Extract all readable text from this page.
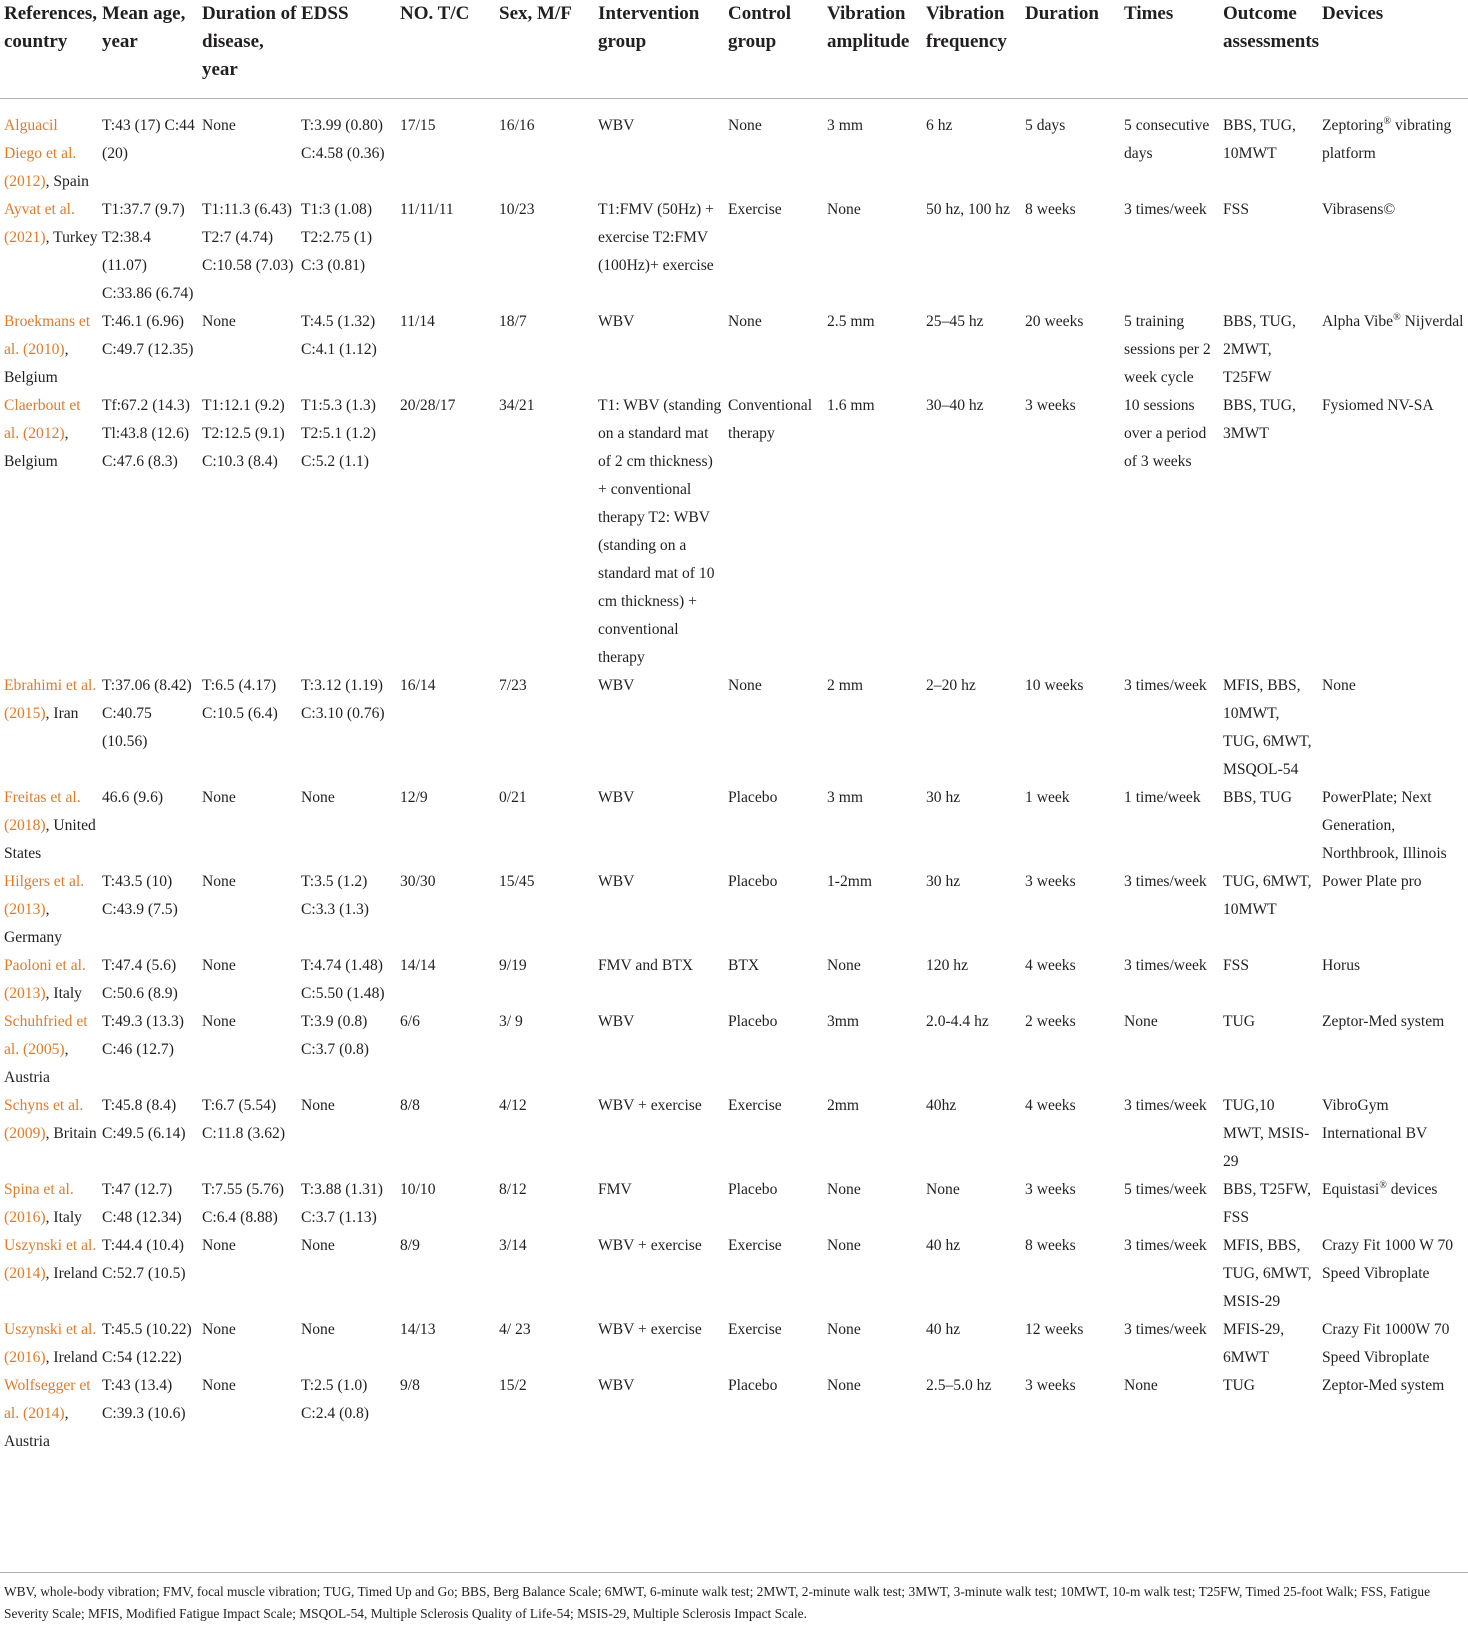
References, country	Mean age, year	Duration of disease, year	EDSS	NO. T/C	Sex, M/F	Intervention group	Control group	Vibration amplitude	Vibration frequency	Duration	Times	Outcome assessments	Devices
Alguacil Diego et al. (2012), Spain	T:43 (17) C:44 (20)	None	T:3.99 (0.80) C:4.58 (0.36)	17/15	16/16	WBV	None	3 mm	6 hz	5 days	5 consecutive days	BBS, TUG, 10MWT	Zeptoring® vibrating platform
Ayvat et al. (2021), Turkey	T1:37.7 (9.7) T2:38.4 (11.07) C:33.86 (6.74)	T1:11.3 (6.43) T2:7 (4.74) C:10.58 (7.03)	T1:3 (1.08) T2:2.75 (1) C:3 (0.81)	11/11/11	10/23	T1:FMV (50Hz) + exercise T2:FMV (100Hz)+ exercise	Exercise	None	50 hz, 100 hz	8 weeks	3 times/week	FSS	Vibrasens©
Broekmans et al. (2010), Belgium	T:46.1 (6.96) C:49.7 (12.35)	None	T:4.5 (1.32) C:4.1 (1.12)	11/14	18/7	WBV	None	2.5 mm	25–45 hz	20 weeks	5 training sessions per 2 week cycle	BBS, TUG, 2MWT, T25FW	Alpha Vibe® Nijverdal
Claerbout et al. (2012), Belgium	Tf:67.2 (14.3) Tl:43.8 (12.6) C:47.6 (8.3)	T1:12.1 (9.2) T2:12.5 (9.1) C:10.3 (8.4)	T1:5.3 (1.3) T2:5.1 (1.2) C:5.2 (1.1)	20/28/17	34/21	T1: WBV (standing on a standard mat of 2 cm thickness) + conventional therapy T2: WBV (standing on a standard mat of 10 cm thickness) + conventional therapy	Conventional therapy	1.6 mm	30–40 hz	3 weeks	10 sessions over a period of 3 weeks	BBS, TUG, 3MWT	Fysiomed NV-SA
Ebrahimi et al. (2015), Iran	T:37.06 (8.42) C:40.75 (10.56)	T:6.5 (4.17) C:10.5 (6.4)	T:3.12 (1.19) C:3.10 (0.76)	16/14	7/23	WBV	None	2 mm	2–20 hz	10 weeks	3 times/week	MFIS, BBS, 10MWT, TUG, 6MWT, MSQOL-54	None
Freitas et al. (2018), United States	46.6 (9.6)	None	None	12/9	0/21	WBV	Placebo	3 mm	30 hz	1 week	1 time/week	BBS, TUG	PowerPlate; Next Generation, Northbrook, Illinois
Hilgers et al. (2013), Germany	T:43.5 (10) C:43.9 (7.5)	None	T:3.5 (1.2) C:3.3 (1.3)	30/30	15/45	WBV	Placebo	1-2mm	30 hz	3 weeks	3 times/week	TUG, 6MWT, 10MWT	Power Plate pro
Paoloni et al. (2013), Italy	T:47.4 (5.6) C:50.6 (8.9)	None	T:4.74 (1.48) C:5.50 (1.48)	14/14	9/19	FMV and BTX	BTX	None	120 hz	4 weeks	3 times/week	FSS	Horus
Schuhfried et al. (2005), Austria	T:49.3 (13.3) C:46 (12.7)	None	T:3.9 (0.8) C:3.7 (0.8)	6/6	3/ 9	WBV	Placebo	3mm	2.0-4.4 hz	2 weeks	None	TUG	Zeptor-Med system
Schyns et al. (2009), Britain	T:45.8 (8.4) C:49.5 (6.14)	T:6.7 (5.54) C:11.8 (3.62)	None	8/8	4/12	WBV + exercise	Exercise	2mm	40hz	4 weeks	3 times/week	TUG,10 MWT, MSIS-29	VibroGym International BV
Spina et al. (2016), Italy	T:47 (12.7) C:48 (12.34)	T:7.55 (5.76) C:6.4 (8.88)	T:3.88 (1.31) C:3.7 (1.13)	10/10	8/12	FMV	Placebo	None	None	3 weeks	5 times/week	BBS, T25FW, FSS	Equistasi® devices
Uszynski et al. (2014), Ireland	T:44.4 (10.4) C:52.7 (10.5)	None	None	8/9	3/14	WBV + exercise	Exercise	None	40 hz	8 weeks	3 times/week	MFIS, BBS, TUG, 6MWT, MSIS-29	Crazy Fit 1000 W 70 Speed Vibroplate
Uszynski et al. (2016), Ireland	T:45.5 (10.22) C:54 (12.22)	None	None	14/13	4/ 23	WBV + exercise	Exercise	None	40 hz	12 weeks	3 times/week	MFIS-29, 6MWT	Crazy Fit 1000W 70 Speed Vibroplate
Wolfsegger et al. (2014), Austria	T:43 (13.4) C:39.3 (10.6)	None	T:2.5 (1.0) C:2.4 (0.8)	9/8	15/2	WBV	Placebo	None	2.5–5.0 hz	3 weeks	None	TUG	Zeptor-Med system
WBV, whole-body vibration; FMV, focal muscle vibration; TUG, Timed Up and Go; BBS, Berg Balance Scale; 6MWT, 6-minute walk test; 2MWT, 2-minute walk test; 3MWT, 3-minute walk test; 10MWT, 10-m walk test; T25FW, Timed 25-foot Walk; FSS, Fatigue Severity Scale; MFIS, Modified Fatigue Impact Scale; MSQOL-54, Multiple Sclerosis Quality of Life-54; MSIS-29, Multiple Sclerosis Impact Scale.
